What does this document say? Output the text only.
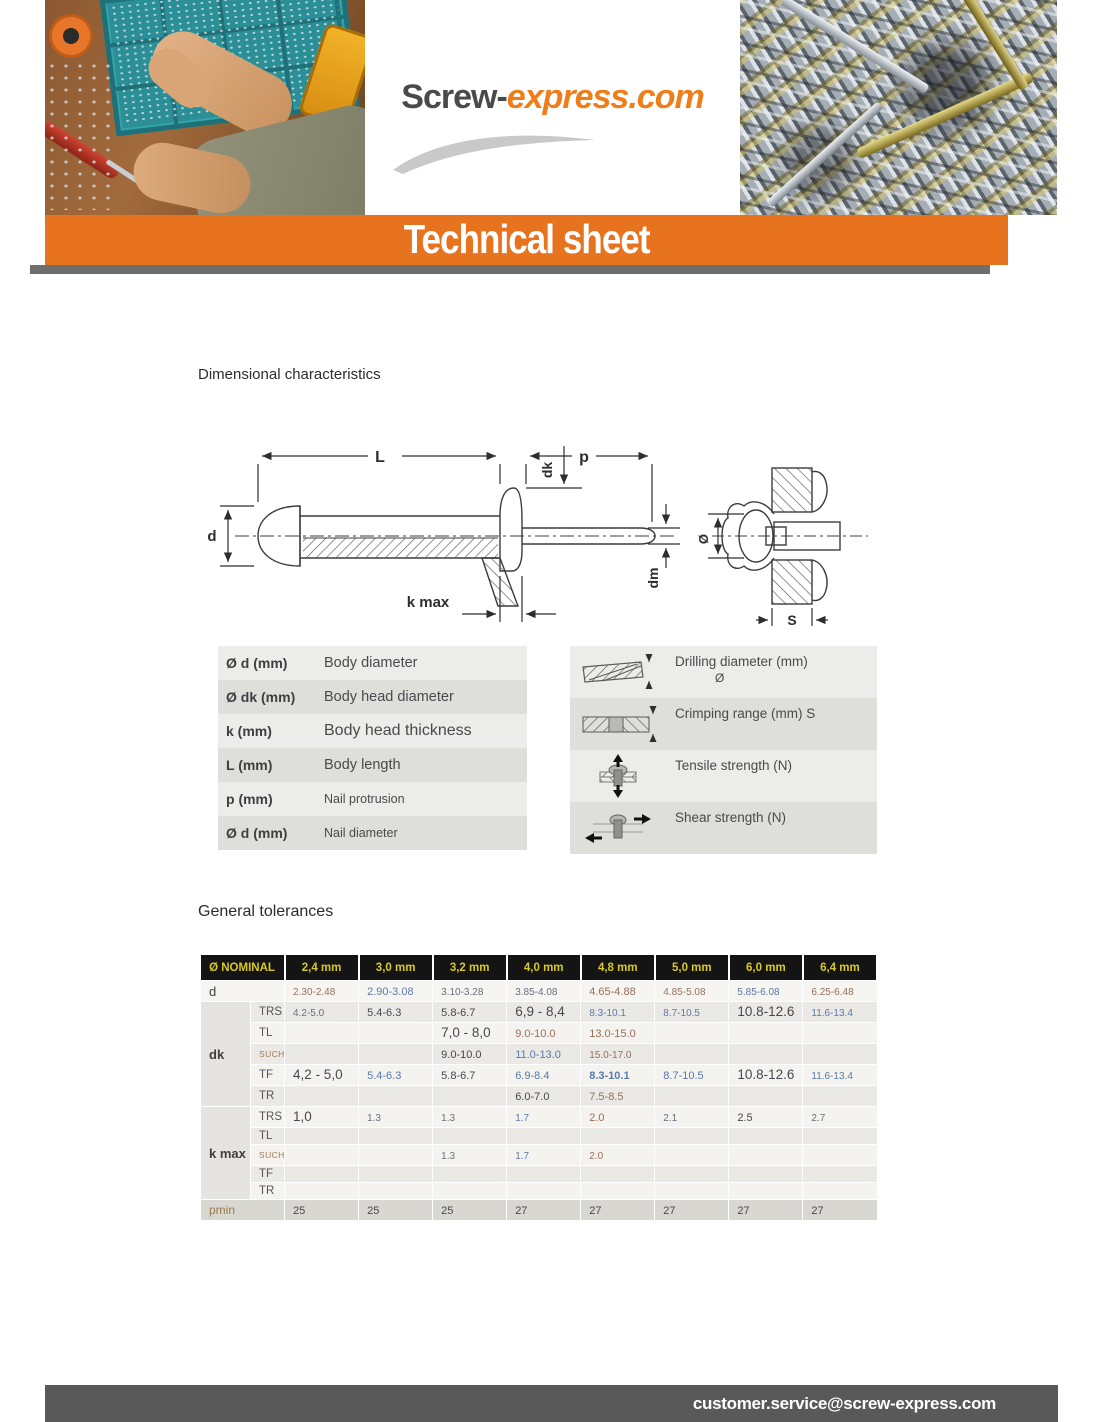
Screw-express.com
Technical sheet
Dimensional characteristics
L	p
dk
d
dm
k max
Ø
S
Ø d (mm)	Body diameter
Ø dk (mm)	Body head diameter
k (mm)	Body head thickness
L (mm)	Body length
p (mm)	Nail protrusion
Ø d (mm)	Nail diameter
Drilling diameter (mm)
Ø
Crimping range (mm) S
Tensile strength (N)
Shear strength (N)
General tolerances
Ø NOMINAL		2,4 mm	3,0 mm	3,2 mm	4,0 mm	4,8 mm	5,0 mm	6,0 mm	6,4 mm
d		2.30-2.48	2.90-3.08	3.10-3.28	3.85-4.08	4.65-4.88	4.85-5.08	5.85-6.08	6.25-6.48
dk	TRS	4.2-5.0	5.4-6.3	5.8-6.7	6,9 - 8,4	8.3-10.1	8.7-10.5	10.8-12.6	11.6-13.4
	TL			7,0 - 8,0	9.0-10.0	13.0-15.0			
	SUCH			9.0-10.0	11.0-13.0	15.0-17.0			
	TF	4,2 - 5,0	5.4-6.3	5.8-6.7	6.9-8.4	8.3-10.1	8.7-10.5	10.8-12.6	11.6-13.4
	TR				6.0-7.0	7.5-8.5			
k max	TRS	1,0	1.3	1.3	1.7	2.0	2.1	2.5	2.7
	TL								
	SUCH			1.3	1.7	2.0			
	TF								
	TR								
pmin		25	25	25	27	27	27	27	27
customer.service@screw-express.com
